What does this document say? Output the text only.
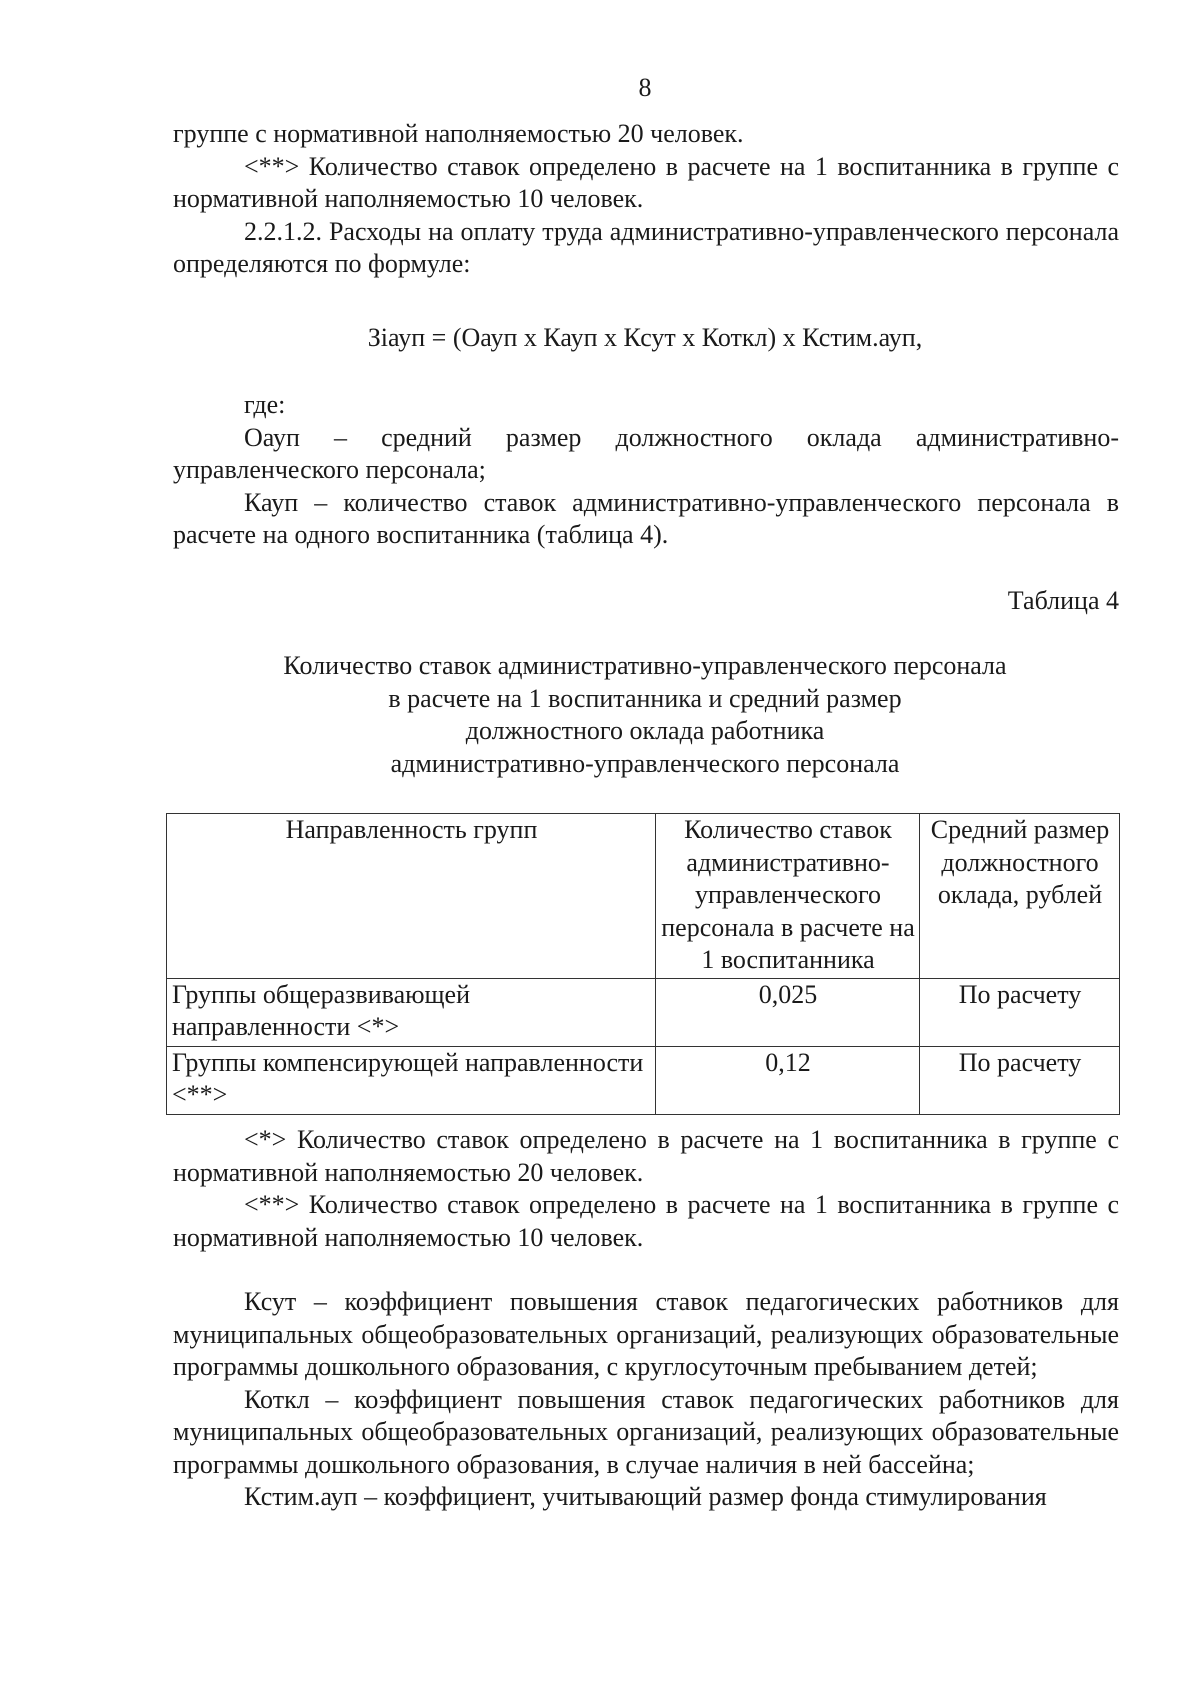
8

группе с нормативной наполняемостью 20 человек.

<**> Количество ставок определено в расчете на 1 воспитанника в группе с нормативной наполняемостью 10 человек.

2.2.1.2. Расходы на оплату труда административно-управленческого персонала определяются по формуле:

Зiауп = (Оауп x Кауп x Ксут x Коткл) x Кстим.ауп,

где:

Оауп – средний размер должностного оклада административно-управленческого персонала;

Кауп – количество ставок административно-управленческого персонала в расчете на одного воспитанника (таблица 4).

Таблица 4
Количество ставок административно-управленческого персонала
в расчете на 1 воспитанника и средний размер
должностного оклада работника
административно-управленческого персонала
Направленность групп	Количество ставок административно-управленческого персонала в расчете на 1 воспитанника	Средний размер должностного оклада, рублей
Группы общеразвивающей направленности <*>	0,025	По расчету
Группы компенсирующей направленности <**>	0,12	По расчету

<*> Количество ставок определено в расчете на 1 воспитанника в группе с нормативной наполняемостью 20 человек.

<**> Количество ставок определено в расчете на 1 воспитанника в группе с нормативной наполняемостью 10 человек.

Ксут – коэффициент повышения ставок педагогических работников для муниципальных общеобразовательных организаций, реализующих образовательные программы дошкольного образования, с круглосуточным пребыванием детей;

Коткл – коэффициент повышения ставок педагогических работников для муниципальных общеобразовательных организаций, реализующих образовательные программы дошкольного образования, в случае наличия в ней бассейна;

Кстим.ауп – коэффициент, учитывающий размер фонда стимулирования
